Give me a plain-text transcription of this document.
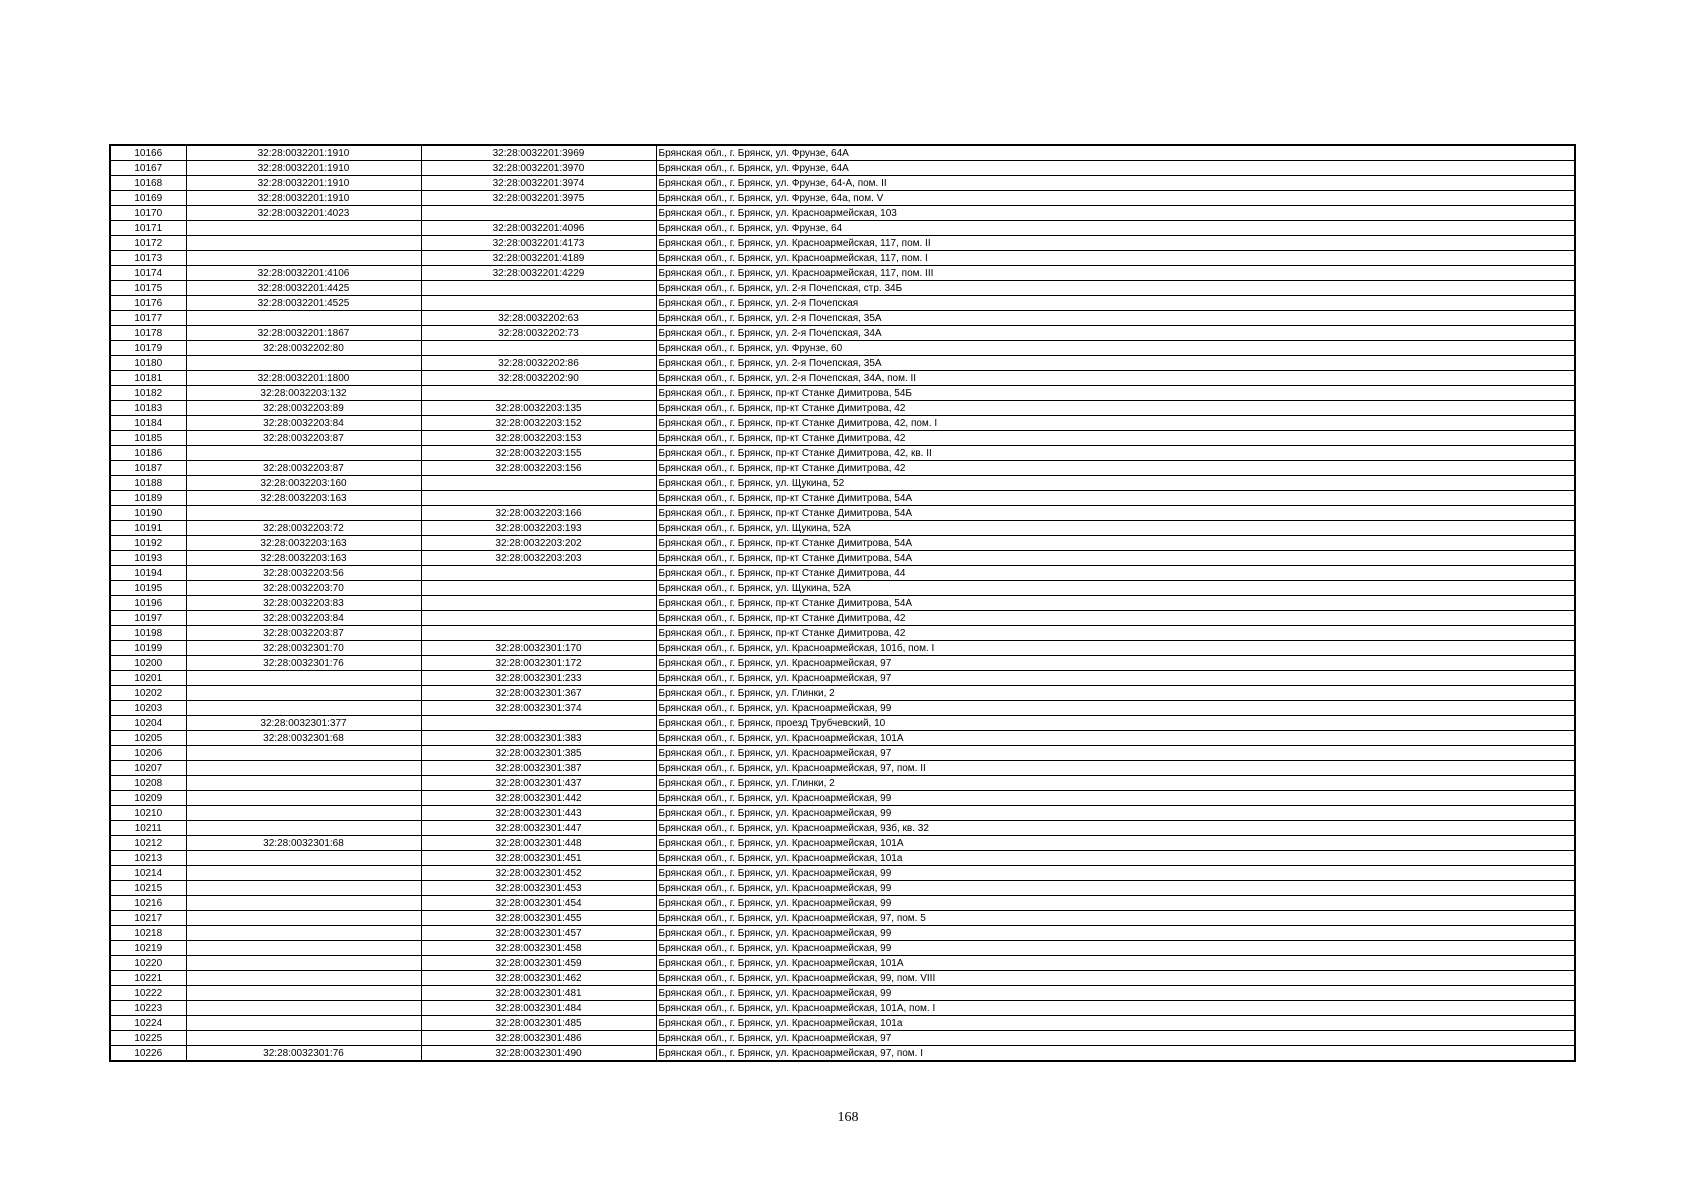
10166	32:28:0032201:1910	32:28:0032201:3969	Брянская обл., г. Брянск, ул. Фрунзе, 64А
10167	32:28:0032201:1910	32:28:0032201:3970	Брянская обл., г. Брянск, ул. Фрунзе, 64А
10168	32:28:0032201:1910	32:28:0032201:3974	Брянская обл., г. Брянск, ул. Фрунзе, 64-А, пом. II
10169	32:28:0032201:1910	32:28:0032201:3975	Брянская обл., г. Брянск, ул. Фрунзе, 64а, пом. V
10170	32:28:0032201:4023		Брянская обл., г. Брянск, ул. Красноармейская, 103
10171		32:28:0032201:4096	Брянская обл., г. Брянск, ул. Фрунзе, 64
10172		32:28:0032201:4173	Брянская обл., г. Брянск, ул. Красноармейская, 117, пом. II
10173		32:28:0032201:4189	Брянская обл., г. Брянск, ул. Красноармейская, 117, пом. I
10174	32:28:0032201:4106	32:28:0032201:4229	Брянская обл., г. Брянск, ул. Красноармейская, 117, пом. III
10175	32:28:0032201:4425		Брянская обл., г. Брянск, ул. 2-я Почепская, стр. 34Б
10176	32:28:0032201:4525		Брянская обл., г. Брянск, ул. 2-я Почепская
10177		32:28:0032202:63	Брянская обл., г. Брянск, ул. 2-я Почепская, 35А
10178	32:28:0032201:1867	32:28:0032202:73	Брянская обл., г. Брянск, ул. 2-я Почепская, 34А
10179	32:28:0032202:80		Брянская обл., г. Брянск, ул. Фрунзе, 60
10180		32:28:0032202:86	Брянская обл., г. Брянск, ул. 2-я Почепская, 35А
10181	32:28:0032201:1800	32:28:0032202:90	Брянская обл., г. Брянск, ул. 2-я Почепская, 34А, пом. II
10182	32:28:0032203:132		Брянская обл., г. Брянск, пр-кт Станке Димитрова, 54Б
10183	32:28:0032203:89	32:28:0032203:135	Брянская обл., г. Брянск, пр-кт Станке Димитрова, 42
10184	32:28:0032203:84	32:28:0032203:152	Брянская обл., г. Брянск, пр-кт Станке Димитрова, 42, пом. I
10185	32:28:0032203:87	32:28:0032203:153	Брянская обл., г. Брянск, пр-кт Станке Димитрова, 42
10186		32:28:0032203:155	Брянская обл., г. Брянск, пр-кт Станке Димитрова, 42, кв. II
10187	32:28:0032203:87	32:28:0032203:156	Брянская обл., г. Брянск, пр-кт Станке Димитрова, 42
10188	32:28:0032203:160		Брянская обл., г. Брянск, ул. Щукина, 52
10189	32:28:0032203:163		Брянская обл., г. Брянск, пр-кт Станке Димитрова, 54А
10190		32:28:0032203:166	Брянская обл., г. Брянск, пр-кт Станке Димитрова, 54А
10191	32:28:0032203:72	32:28:0032203:193	Брянская обл., г. Брянск, ул. Щукина, 52А
10192	32:28:0032203:163	32:28:0032203:202	Брянская обл., г. Брянск, пр-кт Станке Димитрова, 54А
10193	32:28:0032203:163	32:28:0032203:203	Брянская обл., г. Брянск, пр-кт Станке Димитрова, 54А
10194	32:28:0032203:56		Брянская обл., г. Брянск, пр-кт Станке Димитрова, 44
10195	32:28:0032203:70		Брянская обл., г. Брянск, ул. Щукина, 52А
10196	32:28:0032203:83		Брянская обл., г. Брянск, пр-кт Станке Димитрова, 54А
10197	32:28:0032203:84		Брянская обл., г. Брянск, пр-кт Станке Димитрова, 42
10198	32:28:0032203:87		Брянская обл., г. Брянск, пр-кт Станке Димитрова, 42
10199	32:28:0032301:70	32:28:0032301:170	Брянская обл., г. Брянск, ул. Красноармейская, 101б, пом. I
10200	32:28:0032301:76	32:28:0032301:172	Брянская обл., г. Брянск, ул. Красноармейская, 97
10201		32:28:0032301:233	Брянская обл., г. Брянск, ул. Красноармейская, 97
10202		32:28:0032301:367	Брянская обл., г. Брянск, ул. Глинки, 2
10203		32:28:0032301:374	Брянская обл., г. Брянск, ул. Красноармейская, 99
10204	32:28:0032301:377		Брянская обл., г. Брянск, проезд Трубчевский, 10
10205	32:28:0032301:68	32:28:0032301:383	Брянская обл., г. Брянск, ул. Красноармейская, 101А
10206		32:28:0032301:385	Брянская обл., г. Брянск, ул. Красноармейская, 97
10207		32:28:0032301:387	Брянская обл., г. Брянск, ул. Красноармейская, 97, пом. II
10208		32:28:0032301:437	Брянская обл., г. Брянск, ул. Глинки, 2
10209		32:28:0032301:442	Брянская обл., г. Брянск, ул. Красноармейская, 99
10210		32:28:0032301:443	Брянская обл., г. Брянск, ул. Красноармейская, 99
10211		32:28:0032301:447	Брянская обл., г. Брянск, ул. Красноармейская, 93б, кв. 32
10212	32:28:0032301:68	32:28:0032301:448	Брянская обл., г. Брянск, ул. Красноармейская, 101А
10213		32:28:0032301:451	Брянская обл., г. Брянск, ул. Красноармейская, 101а
10214		32:28:0032301:452	Брянская обл., г. Брянск, ул. Красноармейская, 99
10215		32:28:0032301:453	Брянская обл., г. Брянск, ул. Красноармейская, 99
10216		32:28:0032301:454	Брянская обл., г. Брянск, ул. Красноармейская, 99
10217		32:28:0032301:455	Брянская обл., г. Брянск, ул. Красноармейская, 97, пом. 5
10218		32:28:0032301:457	Брянская обл., г. Брянск, ул. Красноармейская, 99
10219		32:28:0032301:458	Брянская обл., г. Брянск, ул. Красноармейская, 99
10220		32:28:0032301:459	Брянская обл., г. Брянск, ул. Красноармейская, 101А
10221		32:28:0032301:462	Брянская обл., г. Брянск, ул. Красноармейская, 99, пом. VIII
10222		32:28:0032301:481	Брянская обл., г. Брянск, ул. Красноармейская, 99
10223		32:28:0032301:484	Брянская обл., г. Брянск, ул. Красноармейская, 101А, пом. I
10224		32:28:0032301:485	Брянская обл., г. Брянск, ул. Красноармейская, 101а
10225		32:28:0032301:486	Брянская обл., г. Брянск, ул. Красноармейская, 97
10226	32:28:0032301:76	32:28:0032301:490	Брянская обл., г. Брянск, ул. Красноармейская, 97, пом. I
168
